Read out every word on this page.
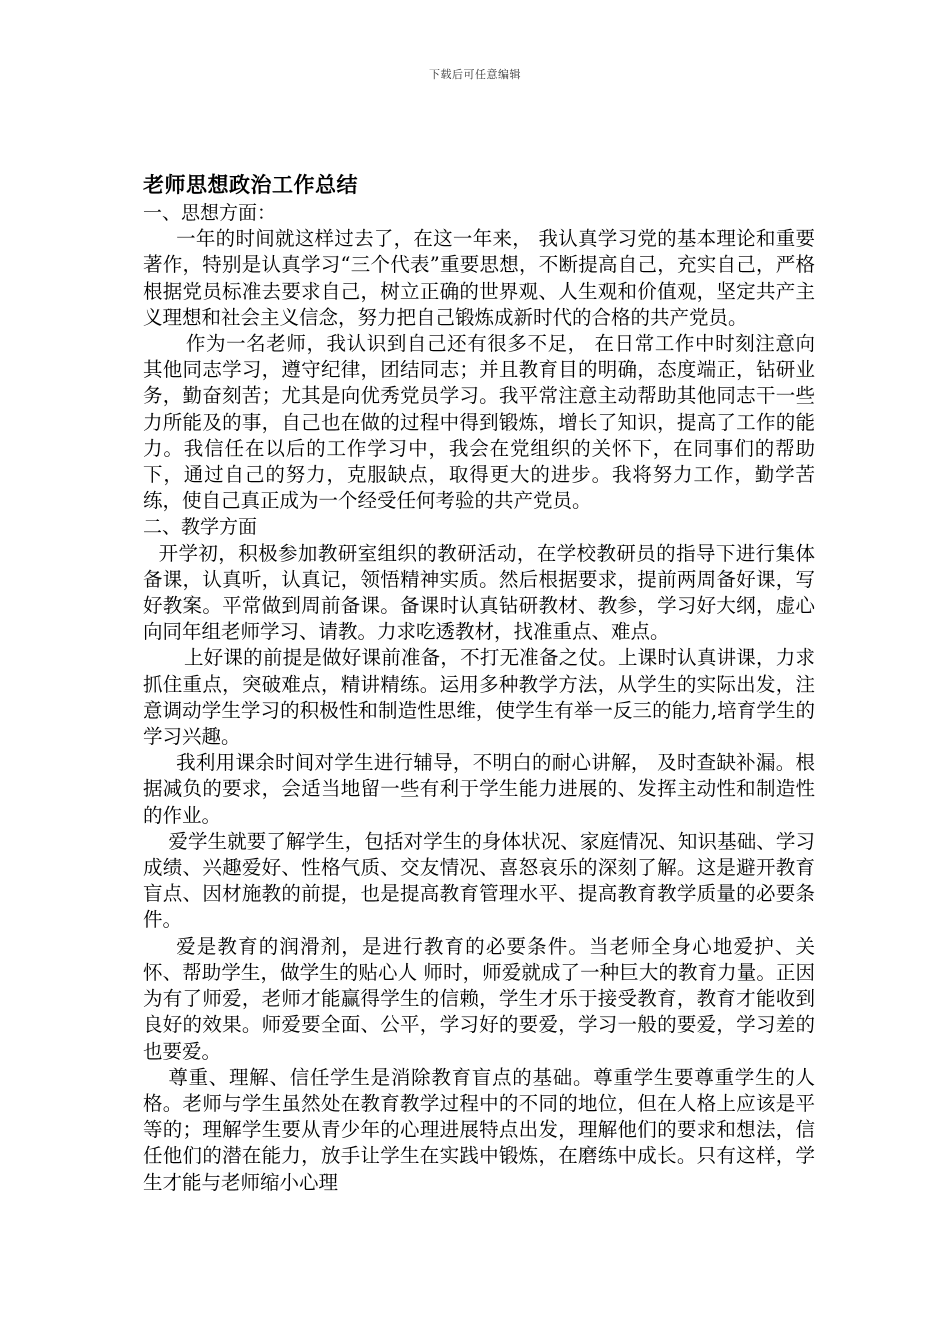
下载后可任意编辑
老师思想政治工作总结

一、思想方面：

一年的时间就这样过去了，在这一年来， 我认真学习党的基本理论和重要著作，特别是认真学习“三个代表”重要思想，不断提高自己，充实自己，严格根据党员标准去要求自己，树立正确的世界观、人生观和价值观，坚定共产主义理想和社会主义信念，努力把自己锻炼成新时代的合格的共产党员。

作为一名老师，我认识到自己还有很多不足， 在日常工作中时刻注意向其他同志学习，遵守纪律，团结同志；并且教育目的明确，态度端正，钻研业务，勤奋刻苦；尤其是向优秀党员学习。我平常注意主动帮助其他同志干一些力所能及的事，自己也在做的过程中得到锻炼，增长了知识，提高了工作的能力。我信任在以后的工作学习中，我会在党组织的关怀下，在同事们的帮助下，通过自己的努力，克服缺点，取得更大的进步。我将努力工作，勤学苦练，使自己真正成为一个经受任何考验的共产党员。

二、教学方面

开学初，积极参加教研室组织的教研活动，在学校教研员的指导下进行集体备课，认真听，认真记，领悟精神实质。然后根据要求，提前两周备好课，写好教案。平常做到周前备课。备课时认真钻研教材、教参，学习好大纲，虚心向同年组老师学习、请教。力求吃透教材，找准重点、难点。

上好课的前提是做好课前准备，不打无准备之仗。上课时认真讲课，力求抓住重点，突破难点，精讲精练。运用多种教学方法，从学生的实际出发，注意调动学生学习的积极性和制造性思维，使学生有举一反三的能力,培育学生的学习兴趣。

我利用课余时间对学生进行辅导，不明白的耐心讲解， 及时查缺补漏。根据减负的要求，会适当地留一些有利于学生能力进展的、发挥主动性和制造性的作业。

爱学生就要了解学生，包括对学生的身体状况、家庭情况、知识基础、学习成绩、兴趣爱好、性格气质、交友情况、喜怒哀乐的深刻了解。这是避开教育盲点、因材施教的前提，也是提高教育管理水平、提高教育教学质量的必要条件。

爱是教育的润滑剂，是进行教育的必要条件。当老师全身心地爱护、关怀、帮助学生，做学生的贴心人 师时，师爱就成了一种巨大的教育力量。正因为有了师爱，老师才能赢得学生的信赖，学生才乐于接受教育，教育才能收到良好的效果。师爱要全面、公平，学习好的要爱，学习一般的要爱，学习差的也要爱。

尊重、理解、信任学生是消除教育盲点的基础。尊重学生要尊重学生的人格。老师与学生虽然处在教育教学过程中的不同的地位，但在人格上应该是平等的；理解学生要从青少年的心理进展特点出发，理解他们的要求和想法，信任他们的潜在能力，放手让学生在实践中锻炼，在磨练中成长。只有这样，学生才能与老师缩小心理
